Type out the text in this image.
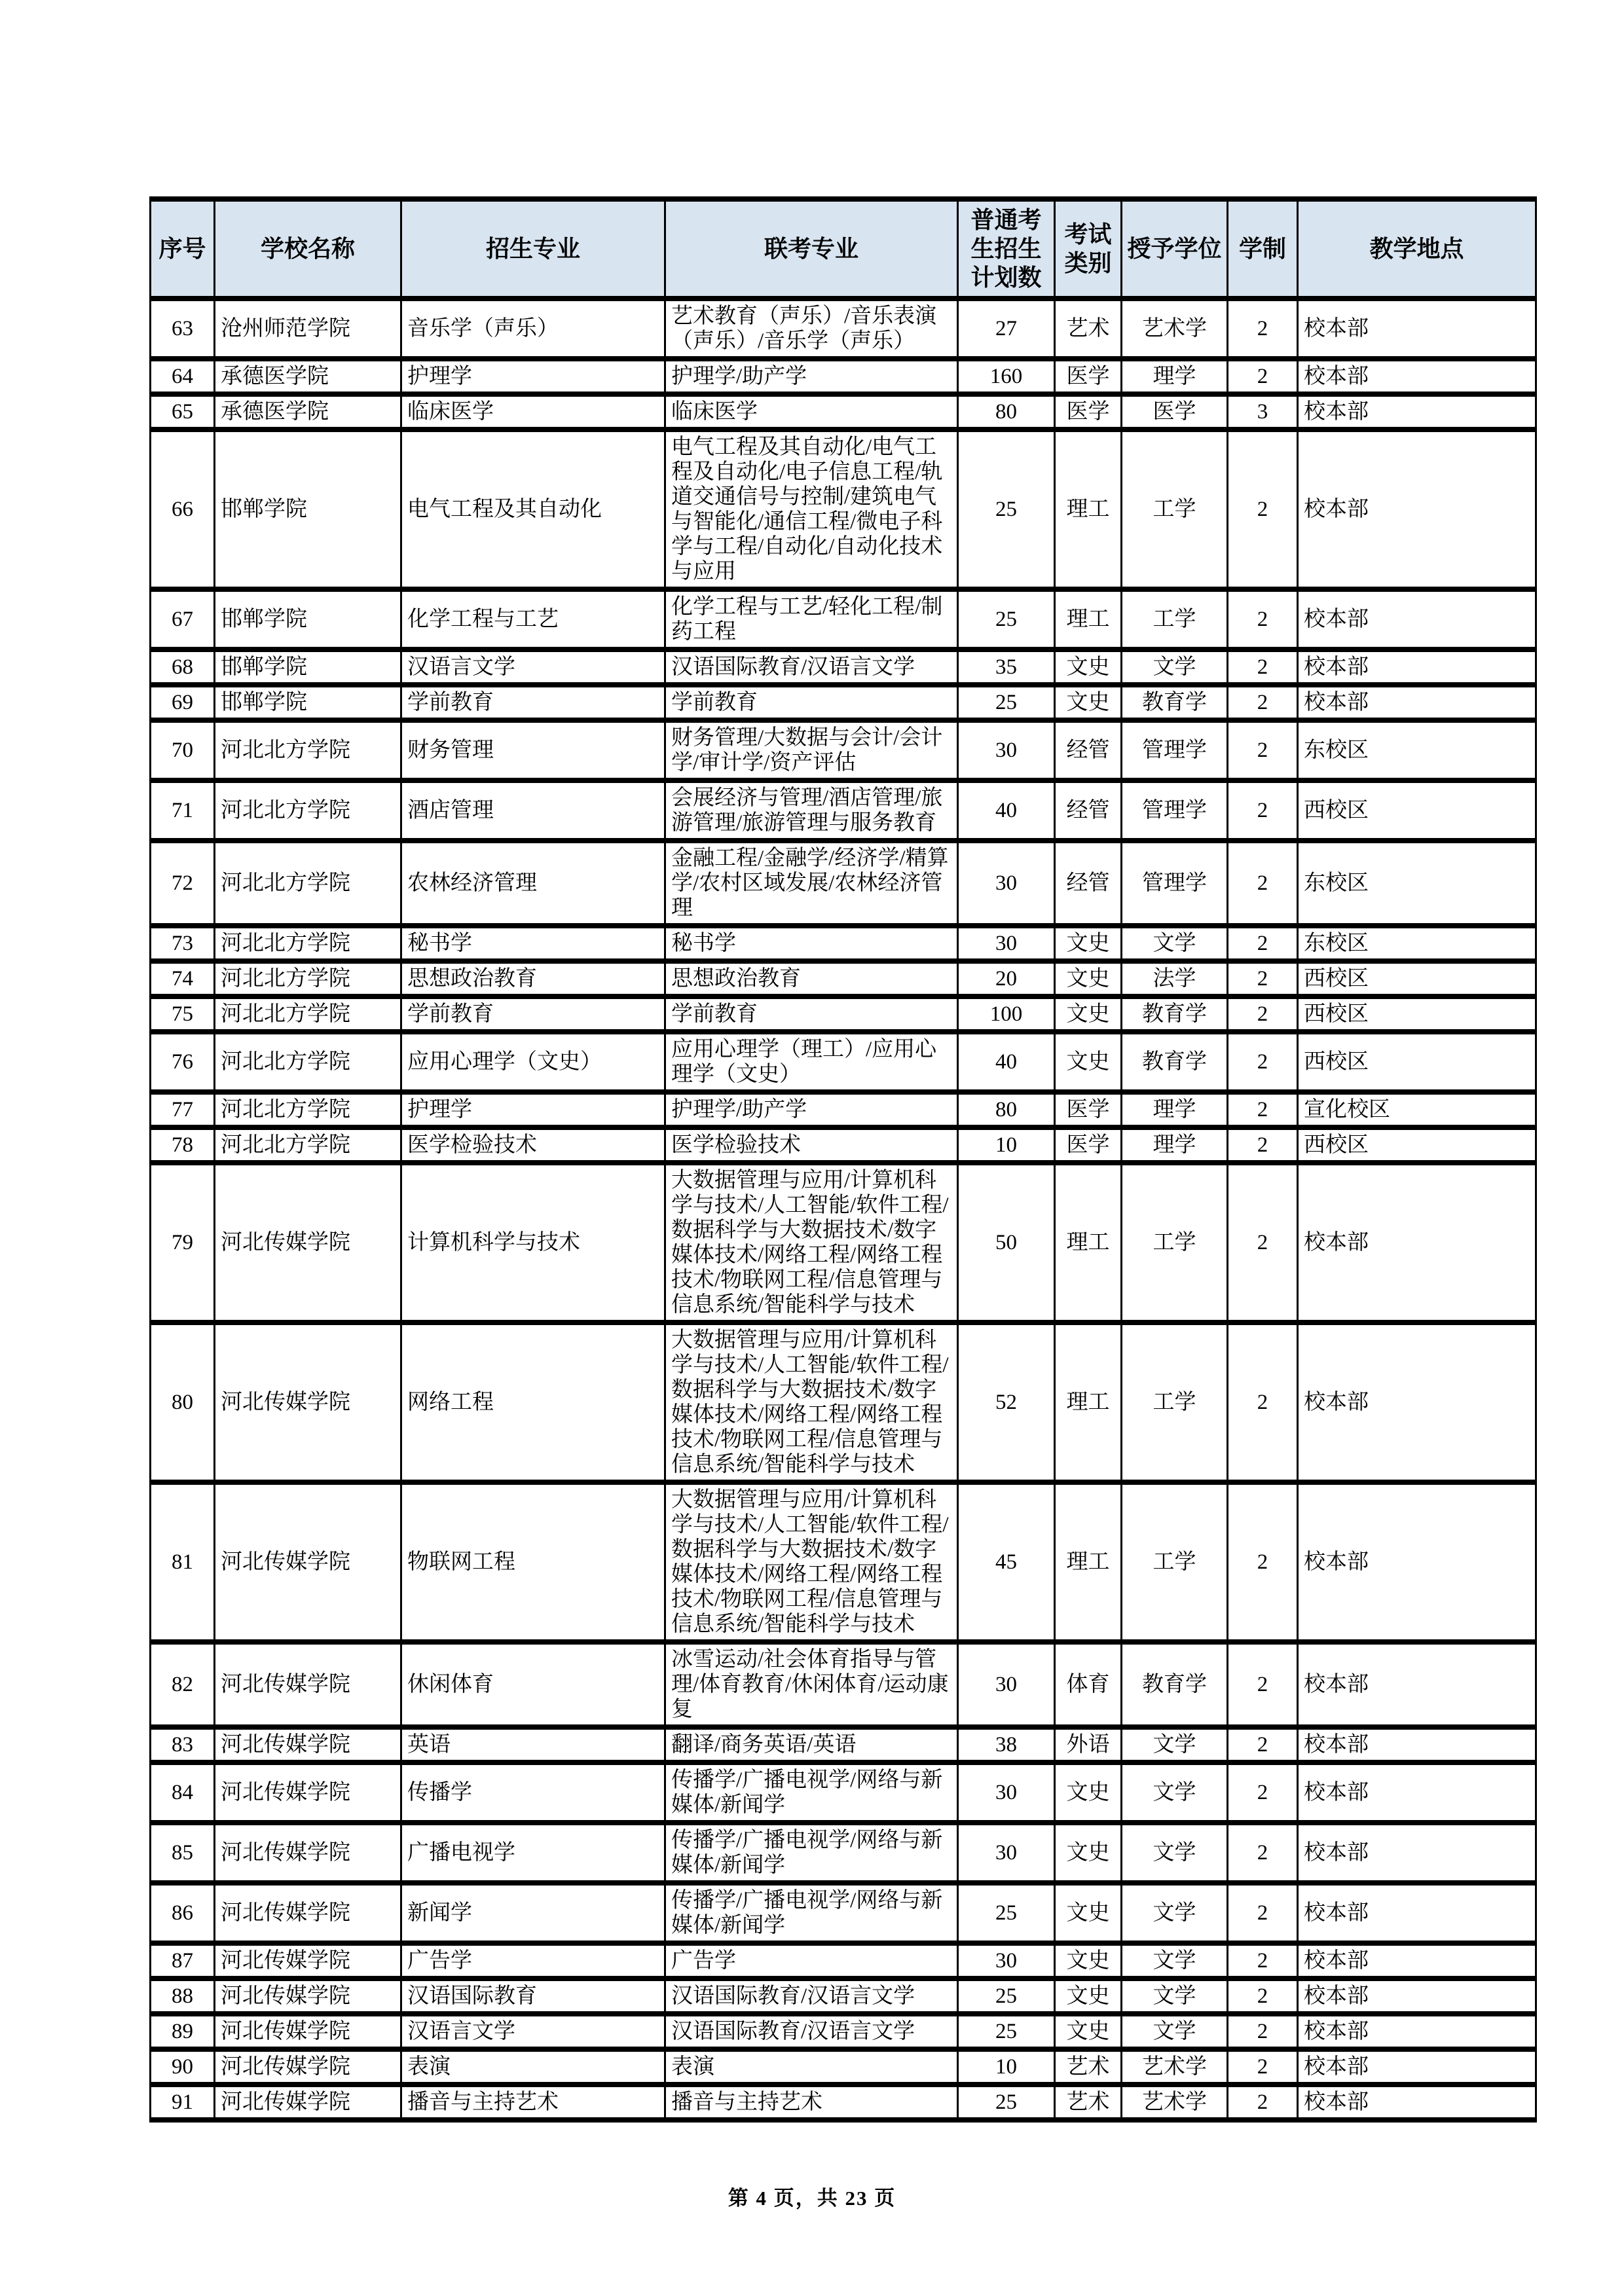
序号	学校名称	招生专业	联考专业	普通考生招生计划数	考试类别	授予学位	学制	教学地点
63	沧州师范学院	音乐学（声乐）	艺术教育（声乐）/音乐表演（声乐）/音乐学（声乐）	27	艺术	艺术学	2	校本部
64	承德医学院	护理学	护理学/助产学	160	医学	理学	2	校本部
65	承德医学院	临床医学	临床医学	80	医学	医学	3	校本部
66	邯郸学院	电气工程及其自动化	电气工程及其自动化/电气工程及自动化/电子信息工程/轨道交通信号与控制/建筑电气与智能化/通信工程/微电子科学与工程/自动化/自动化技术与应用	25	理工	工学	2	校本部
67	邯郸学院	化学工程与工艺	化学工程与工艺/轻化工程/制药工程	25	理工	工学	2	校本部
68	邯郸学院	汉语言文学	汉语国际教育/汉语言文学	35	文史	文学	2	校本部
69	邯郸学院	学前教育	学前教育	25	文史	教育学	2	校本部
70	河北北方学院	财务管理	财务管理/大数据与会计/会计学/审计学/资产评估	30	经管	管理学	2	东校区
71	河北北方学院	酒店管理	会展经济与管理/酒店管理/旅游管理/旅游管理与服务教育	40	经管	管理学	2	西校区
72	河北北方学院	农林经济管理	金融工程/金融学/经济学/精算学/农村区域发展/农林经济管理	30	经管	管理学	2	东校区
73	河北北方学院	秘书学	秘书学	30	文史	文学	2	东校区
74	河北北方学院	思想政治教育	思想政治教育	20	文史	法学	2	西校区
75	河北北方学院	学前教育	学前教育	100	文史	教育学	2	西校区
76	河北北方学院	应用心理学（文史）	应用心理学（理工）/应用心理学（文史）	40	文史	教育学	2	西校区
77	河北北方学院	护理学	护理学/助产学	80	医学	理学	2	宣化校区
78	河北北方学院	医学检验技术	医学检验技术	10	医学	理学	2	西校区
79	河北传媒学院	计算机科学与技术	大数据管理与应用/计算机科学与技术/人工智能/软件工程/数据科学与大数据技术/数字媒体技术/网络工程/网络工程技术/物联网工程/信息管理与信息系统/智能科学与技术	50	理工	工学	2	校本部
80	河北传媒学院	网络工程	大数据管理与应用/计算机科学与技术/人工智能/软件工程/数据科学与大数据技术/数字媒体技术/网络工程/网络工程技术/物联网工程/信息管理与信息系统/智能科学与技术	52	理工	工学	2	校本部
81	河北传媒学院	物联网工程	大数据管理与应用/计算机科学与技术/人工智能/软件工程/数据科学与大数据技术/数字媒体技术/网络工程/网络工程技术/物联网工程/信息管理与信息系统/智能科学与技术	45	理工	工学	2	校本部
82	河北传媒学院	休闲体育	冰雪运动/社会体育指导与管理/体育教育/休闲体育/运动康复	30	体育	教育学	2	校本部
83	河北传媒学院	英语	翻译/商务英语/英语	38	外语	文学	2	校本部
84	河北传媒学院	传播学	传播学/广播电视学/网络与新媒体/新闻学	30	文史	文学	2	校本部
85	河北传媒学院	广播电视学	传播学/广播电视学/网络与新媒体/新闻学	30	文史	文学	2	校本部
86	河北传媒学院	新闻学	传播学/广播电视学/网络与新媒体/新闻学	25	文史	文学	2	校本部
87	河北传媒学院	广告学	广告学	30	文史	文学	2	校本部
88	河北传媒学院	汉语国际教育	汉语国际教育/汉语言文学	25	文史	文学	2	校本部
89	河北传媒学院	汉语言文学	汉语国际教育/汉语言文学	25	文史	文学	2	校本部
90	河北传媒学院	表演	表演	10	艺术	艺术学	2	校本部
91	河北传媒学院	播音与主持艺术	播音与主持艺术	25	艺术	艺术学	2	校本部
第 4 页，共 23 页
